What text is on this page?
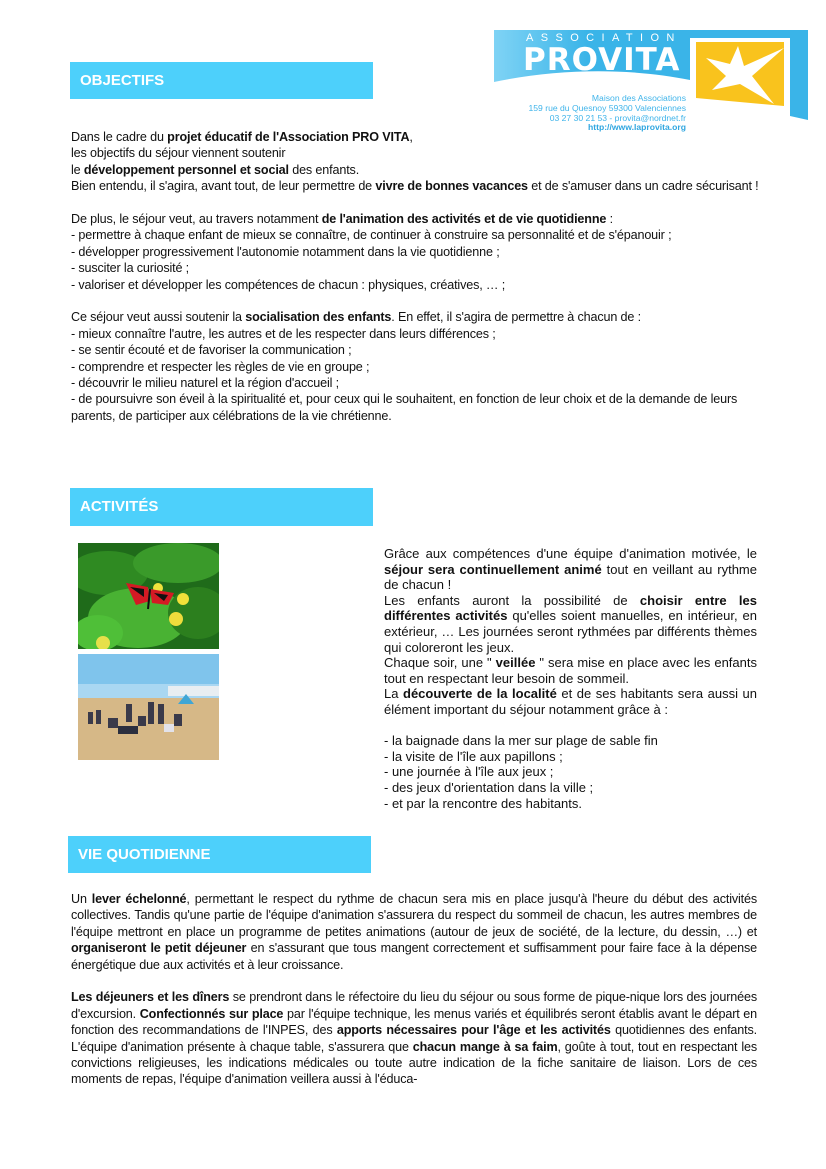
ASSOCIATION
PROVITA
Maison des Associations
159 rue du Quesnoy 59300 Valenciennes
03 27 30 21 53 - provita@nordnet.fr
http://www.laprovita.org
OBJECTIFS

Dans le cadre du projet éducatif de l'Association PRO VITA,

les objectifs du séjour viennent soutenir

le développement personnel et social des enfants.

Bien entendu, il s'agira, avant tout, de leur permettre de vivre de bonnes vacances et de s'amuser dans un cadre sécurisant !

De plus, le séjour veut, au travers notamment de l'animation des activités et de vie quotidienne :

- permettre à chaque enfant de mieux se connaître, de continuer à construire sa personnalité et de s'épanouir ;

- développer progressivement l'autonomie notamment dans la vie quotidienne ;

- susciter la curiosité ;

- valoriser et développer les compétences de chacun : physiques, créatives, … ;

Ce séjour veut aussi soutenir la socialisation des enfants. En effet, il s'agira de permettre à chacun de :

- mieux connaître l'autre, les autres et de les respecter dans leurs différences ;

- se sentir écouté et de favoriser la communication ;

- comprendre et respecter les règles de vie en groupe ;

- découvrir le milieu naturel et la région d'accueil ;

- de poursuivre son éveil à la spiritualité et, pour ceux qui le souhaitent, en fonction de leur choix et de la demande de leurs parents, de participer aux célébrations de la vie chrétienne.

ACTIVITÉS

Grâce aux compétences d'une équipe d'animation motivée, le séjour sera continuellement animé tout en veillant au rythme de chacun !

Les enfants auront la possibilité de choisir entre les différentes activités qu'elles soient manuelles, en intérieur, en extérieur, … Les journées seront rythmées par différents thèmes qui coloreront les jeux.

Chaque soir, une " veillée " sera mise en place avec les enfants tout en respectant leur besoin de sommeil.

La découverte de la localité et de ses habitants sera aussi un élément important du séjour notamment grâce à :

- la baignade dans la mer sur plage de sable fin

- la visite de l'île aux papillons ;

- une journée à l'île aux jeux ;

- des jeux d'orientation dans la ville ;

- et par la rencontre des habitants.

VIE QUOTIDIENNE

Un lever échelonné, permettant le respect du rythme de chacun sera mis en place jusqu'à l'heure du début des activités collectives. Tandis qu'une partie de l'équipe d'animation s'assurera du respect du sommeil de chacun, les autres membres de l'équipe mettront en place un programme de petites animations (autour de jeux de société, de la lecture, du dessin, …) et organiseront le petit déjeuner en s'assurant que tous mangent correctement et suffisamment pour faire face à la dépense énergétique due aux activités et à leur croissance.

Les déjeuners et les dîners se prendront dans le réfectoire du lieu du séjour ou sous forme de pique-nique lors des journées d'excursion. Confectionnés sur place par l'équipe technique, les menus variés et équilibrés seront établis avant le départ en fonction des recommandations de l'INPES, des apports nécessaires pour l'âge et les activités quotidiennes des enfants. L'équipe d'animation présente à chaque table, s'assurera que chacun mange à sa faim, goûte à tout, tout en respectant les convictions religieuses, les indications médicales ou toute autre indication de la fiche sanitaire de liaison. Lors de ces moments de repas, l'équipe d'animation veillera aussi à l'éduca-
